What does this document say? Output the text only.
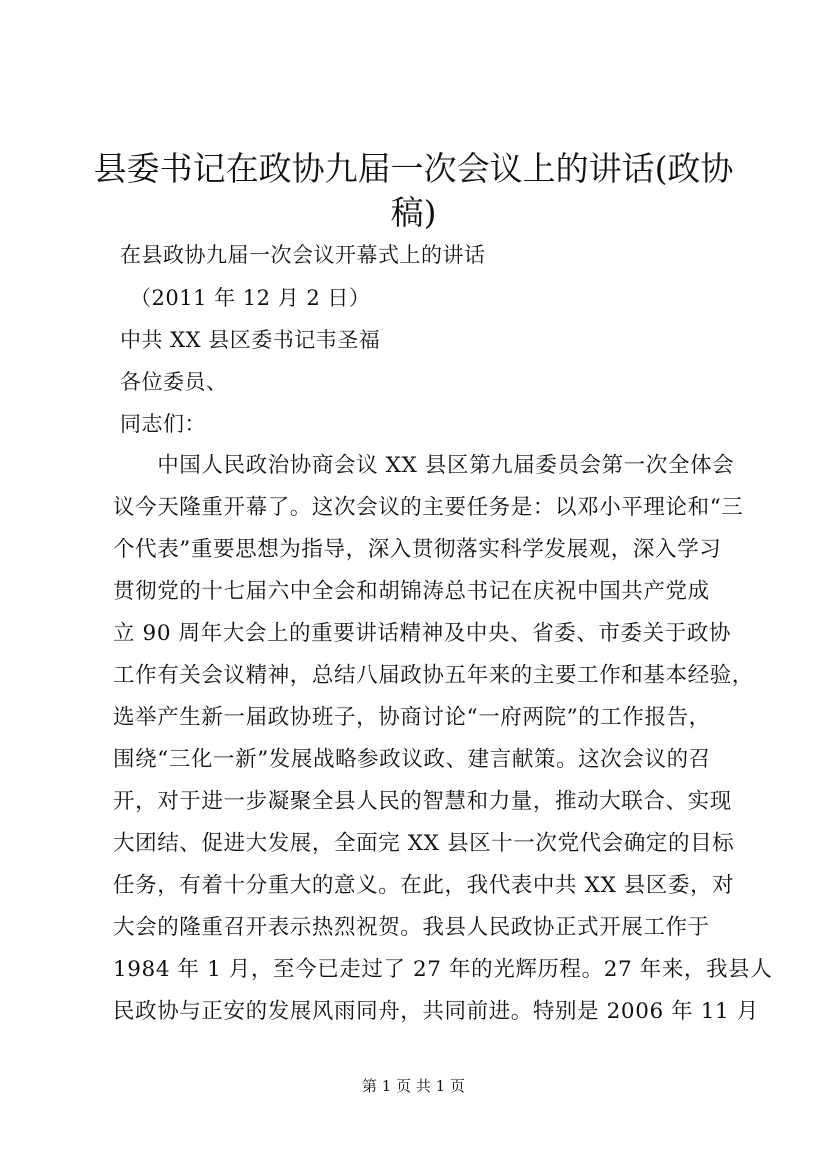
县委书记在政协九届一次会议上的讲话(政协
稿)
在县政协九届一次会议开幕式上的讲话
（2011 年 12 月 2 日）
中共 XX 县区委书记韦圣福
各位委员、
同志们：
　　中国人民政治协商会议 XX 县区第九届委员会第一次全体会
议今天隆重开幕了。这次会议的主要任务是：以邓小平理论和“三
个代表”重要思想为指导，深入贯彻落实科学发展观，深入学习
贯彻党的十七届六中全会和胡锦涛总书记在庆祝中国共产党成
立 90 周年大会上的重要讲话精神及中央、省委、市委关于政协
工作有关会议精神，总结八届政协五年来的主要工作和基本经验，
选举产生新一届政协班子，协商讨论“一府两院”的工作报告，
围绕“三化一新”发展战略参政议政、建言献策。这次会议的召
开，对于进一步凝聚全县人民的智慧和力量，推动大联合、实现
大团结、促进大发展，全面完 XX 县区十一次党代会确定的目标
任务，有着十分重大的意义。在此，我代表中共 XX 县区委，对
大会的隆重召开表示热烈祝贺。我县人民政协正式开展工作于
1984 年 1 月，至今已走过了 27 年的光辉历程。27 年来，我县人
民政协与正安的发展风雨同舟，共同前进。特别是 2006 年 11 月
第 1 页 共 1 页
